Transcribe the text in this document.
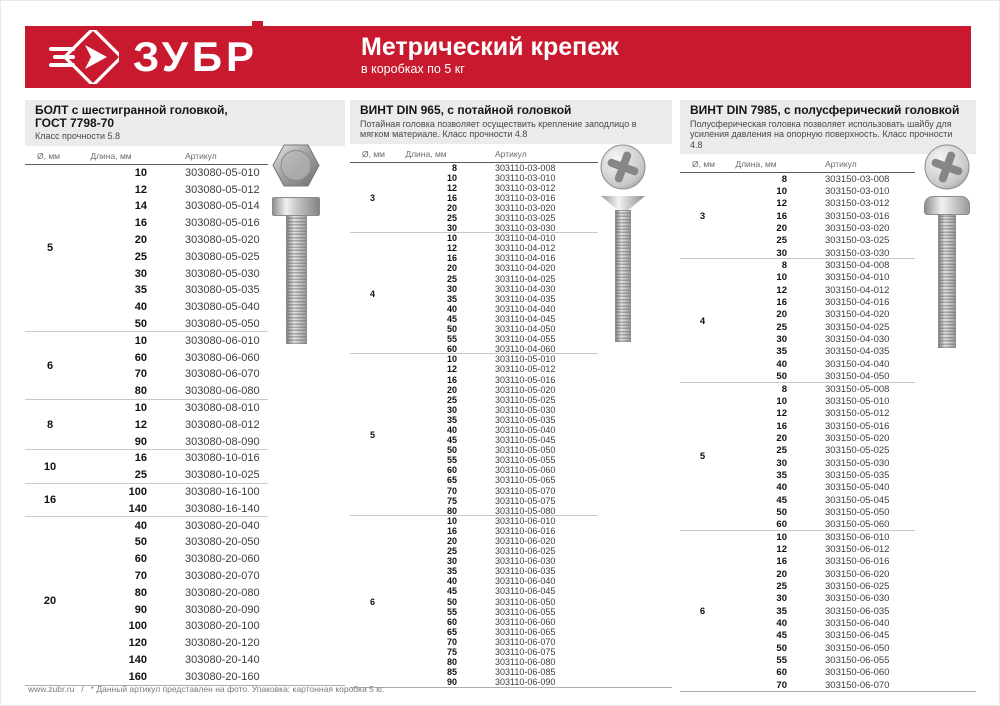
ЗУБР	Метрический крепеж
в коробках по 5 кг
БОЛТ с шестигранной головкой,
ГОСТ 7798-70
Класс прочности 5.8
Ø, мм	Длина, мм	Артикул
5
10	303080-05-010
12	303080-05-012
14	303080-05-014
16	303080-05-016
20	303080-05-020
25	303080-05-025
30	303080-05-030
35	303080-05-035
40	303080-05-040
50	303080-05-050
6
10	303080-06-010
60	303080-06-060
70	303080-06-070
80	303080-06-080
8
10	303080-08-010
12	303080-08-012
90	303080-08-090
10
16	303080-10-016
25	303080-10-025
16
100	303080-16-100
140	303080-16-140
20
40	303080-20-040
50	303080-20-050
60	303080-20-060
70	303080-20-070
80	303080-20-080
90	303080-20-090
100	303080-20-100
120	303080-20-120
140	303080-20-140
160	303080-20-160
ВИНТ DIN 965, с потайной головкой
Потайная головка позволяет осуществить крепление заподлицо в мягком материале. Класс прочности 4.8
Ø, мм	Длина, мм	Артикул
3
8	303110-03-008
10	303110-03-010
12	303110-03-012
16	303110-03-016
20	303110-03-020
25	303110-03-025
30	303110-03-030
4
10	303110-04-010
12	303110-04-012
16	303110-04-016
20	303110-04-020
25	303110-04-025
30	303110-04-030
35	303110-04-035
40	303110-04-040
45	303110-04-045
50	303110-04-050
55	303110-04-055
60	303110-04-060
5
10	303110-05-010
12	303110-05-012
16	303110-05-016
20	303110-05-020
25	303110-05-025
30	303110-05-030
35	303110-05-035
40	303110-05-040
45	303110-05-045
50	303110-05-050
55	303110-05-055
60	303110-05-060
65	303110-05-065
70	303110-05-070
75	303110-05-075
80	303110-05-080
6
10	303110-06-010
16	303110-06-016
20	303110-06-020
25	303110-06-025
30	303110-06-030
35	303110-06-035
40	303110-06-040
45	303110-06-045
50	303110-06-050
55	303110-06-055
60	303110-06-060
65	303110-06-065
70	303110-06-070
75	303110-06-075
80	303110-06-080
85	303110-06-085
90	303110-06-090
ВИНТ DIN 7985, с полусферический головкой
Полусферическая головка позволяет использовать шайбу для усиления давления на опорную поверхность. Класс прочности 4.8
Ø, мм	Длина, мм	Артикул
3
8	303150-03-008
10	303150-03-010
12	303150-03-012
16	303150-03-016
20	303150-03-020
25	303150-03-025
30	303150-03-030
4
8	303150-04-008
10	303150-04-010
12	303150-04-012
16	303150-04-016
20	303150-04-020
25	303150-04-025
30	303150-04-030
35	303150-04-035
40	303150-04-040
50	303150-04-050
5
8	303150-05-008
10	303150-05-010
12	303150-05-012
16	303150-05-016
20	303150-05-020
25	303150-05-025
30	303150-05-030
35	303150-05-035
40	303150-05-040
45	303150-05-045
50	303150-05-050
60	303150-05-060
6
10	303150-06-010
12	303150-06-012
16	303150-06-016
20	303150-06-020
25	303150-06-025
30	303150-06-030
35	303150-06-035
40	303150-06-040
45	303150-06-045
50	303150-06-050
55	303150-06-055
60	303150-06-060
70	303150-06-070
www.zubr.ru / * Данный артикул представлен на фото. Упаковка: картонная коробка 5 кг.
